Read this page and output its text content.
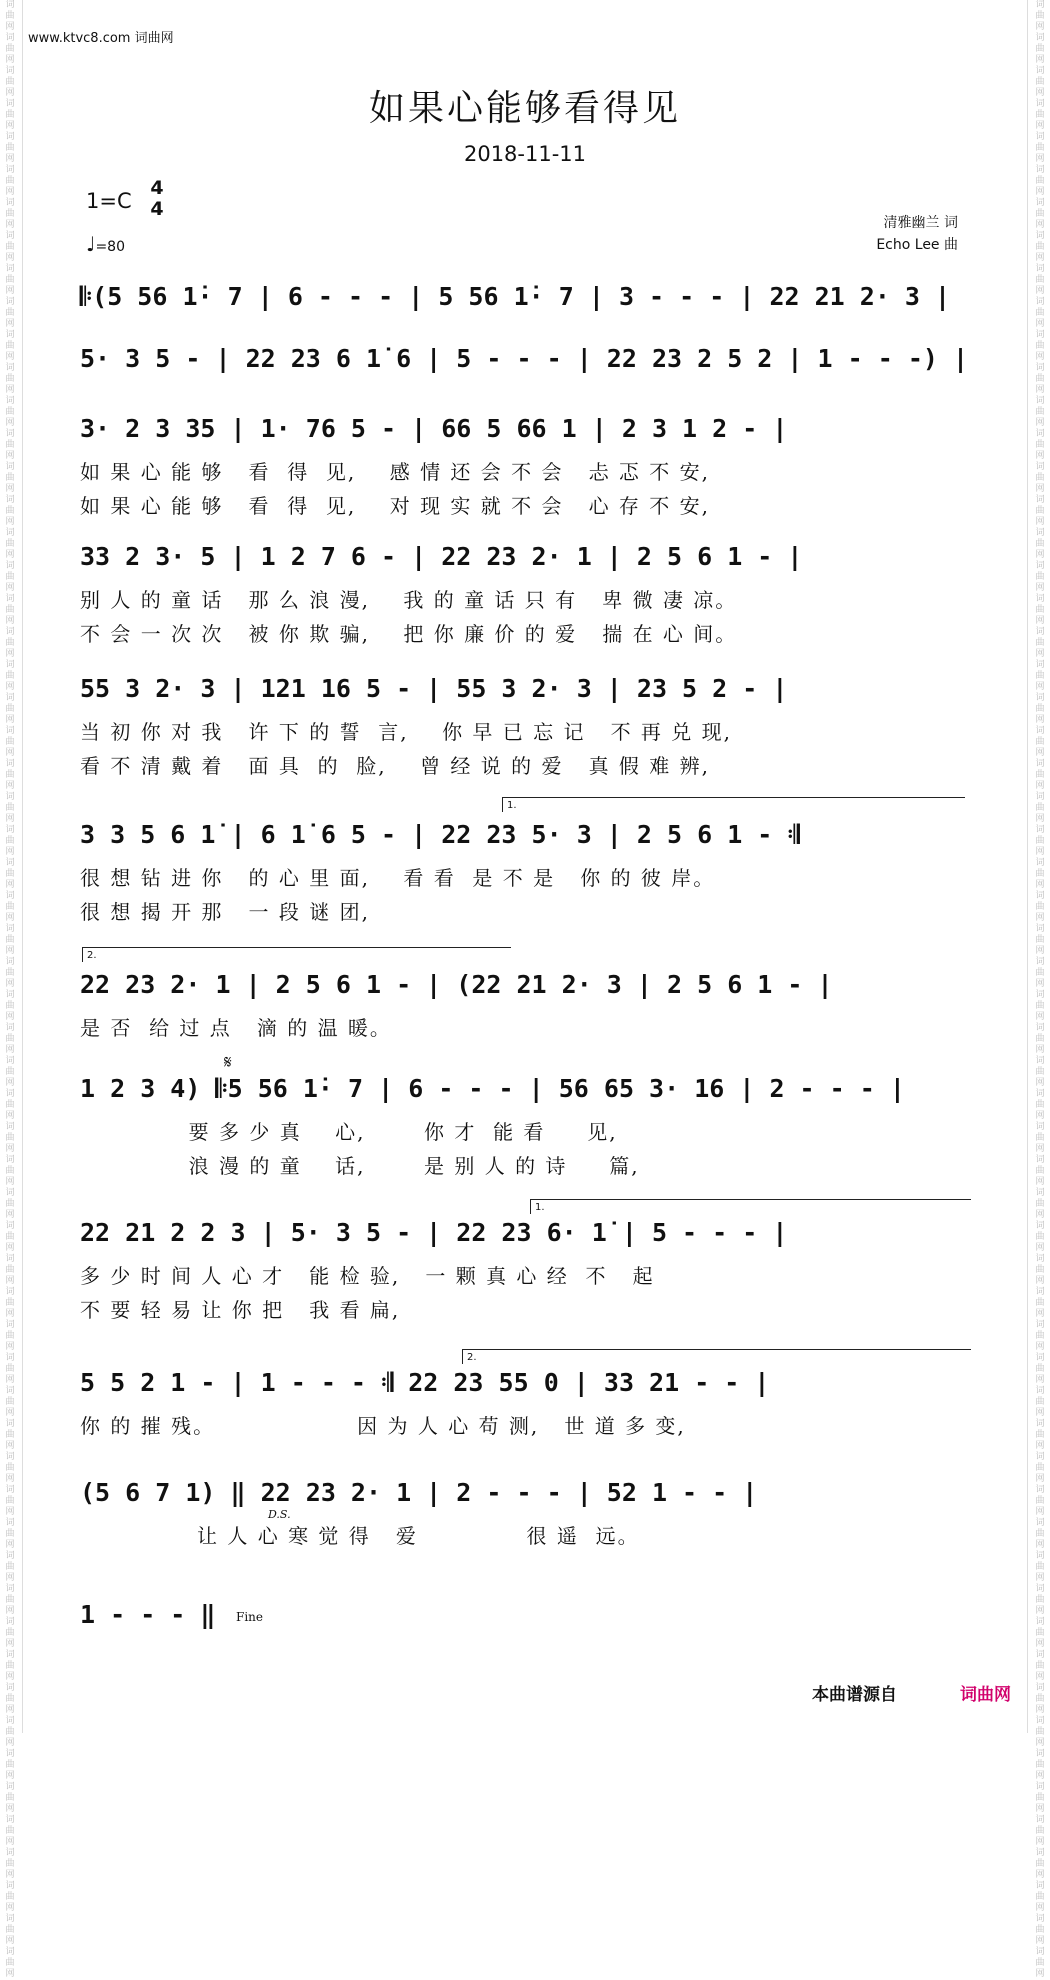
词曲网词曲网词曲网词曲网词曲网词曲网词曲网词曲网词曲网词曲网词曲网词曲网词曲网词曲网词曲网词曲网词曲网词曲网词曲网词曲网词曲网词曲网词曲网词曲网词曲网词曲网词曲网词曲网词曲网词曲网词曲网词曲网词曲网词曲网词曲网词曲网词曲网词曲网词曲网词曲网词曲网词曲网词曲网词曲网词曲网词曲网词曲网词曲网词曲网词曲网词曲网词曲网词曲网词曲网词曲网词曲网词曲网词曲网词曲网词曲网
词曲网词曲网词曲网词曲网词曲网词曲网词曲网词曲网词曲网词曲网词曲网词曲网词曲网词曲网词曲网词曲网词曲网词曲网词曲网词曲网词曲网词曲网词曲网词曲网词曲网词曲网词曲网词曲网词曲网词曲网词曲网词曲网词曲网词曲网词曲网词曲网词曲网词曲网词曲网词曲网词曲网词曲网词曲网词曲网词曲网词曲网词曲网词曲网词曲网词曲网词曲网词曲网词曲网词曲网词曲网词曲网词曲网词曲网词曲网词曲网
www.ktvc8.com 词曲网
如果心能够看得见
2018-11-11
1=C
4
4
♩=80
清雅幽兰 词
Echo Lee 曲
𝄆(5 56 1̇· 7 | 6 - - - | 5 56 1̇· 7 | 3 - - - | 22 21 2· 3 |
5· 3 5 - | 22 23 6 1̇ 6 | 5 - - - | 22 23 2 5 2 | 1 - - -) |
3· 2 3 35 | 1· 76 5 - | 66 5 66 1 | 2 3 1 2 - |
如 果 心 能 够   看  得  见,    感 情 还 会 不 会   忐 忑 不 安,
如 果 心 能 够   看  得  见,    对 现 实 就 不 会   心 存 不 安,
33 2 3· 5 | 1 2 7 6 - | 22 23 2· 1 | 2 5 6 1 - |
别 人 的 童 话   那 么 浪 漫,    我 的 童 话 只 有   卑 微 凄 凉。
不 会 一 次 次   被 你 欺 骗,    把 你 廉 价 的 爱   揣 在 心 间。
55 3 2· 3 | 121 16 5 - | 55 3 2· 3 | 23 5 2 - |
当 初 你 对 我   许 下 的 誓  言,    你 早 已 忘 记   不 再 兑 现,
看 不 清 戴 着   面 具  的  脸,    曾 经 说 的 爱   真 假 难 辨,
3 3 5 6 1̇ | 6 1̇ 6 5 - | 22 23 5· 3 | 2 5 6 1 - 𝄇
很 想 钻 进 你   的 心 里 面,    看 看  是 不 是   你 的 彼 岸。
很 想 揭 开 那   一 段 谜 团,
22 23 2· 1 | 2 5 6 1 - | (22 21 2· 3 | 2 5 6 1 - |
是 否  给 过 点   滴 的 温 暖。
1 2 3 4) 𝄆5 56 1̇· 7 | 6 - - - | 56 65 3· 16 | 2 - - - |
要 多 少 真    心,       你 才  能 看     见,
浪 漫 的 童    话,       是 别 人 的 诗     篇,
22 21 2 2 3 | 5· 3 5 - | 22 23 6· 1̇ | 5 - - - |
多 少 时 间 人 心 才   能 检 验,   一 颗 真 心 经  不   起
不 要 轻 易 让 你 把   我 看 扁,
5 5 2 1 - | 1 - - - 𝄇 22 23 55 0 | 33 21 - - |
你 的 摧 残。                 因 为 人 心 苟 测,   世 道 多 变,
(5 6 7 1) ‖ 22 23 2· 1 | 2 - - - | 52 1 - - |
让 人 心 寒 觉 得   爱             很 遥  远。
1 - - - ‖
1.
2.
1.
2.
𝄋
D.S.
Fine
本曲谱源自	词曲网
